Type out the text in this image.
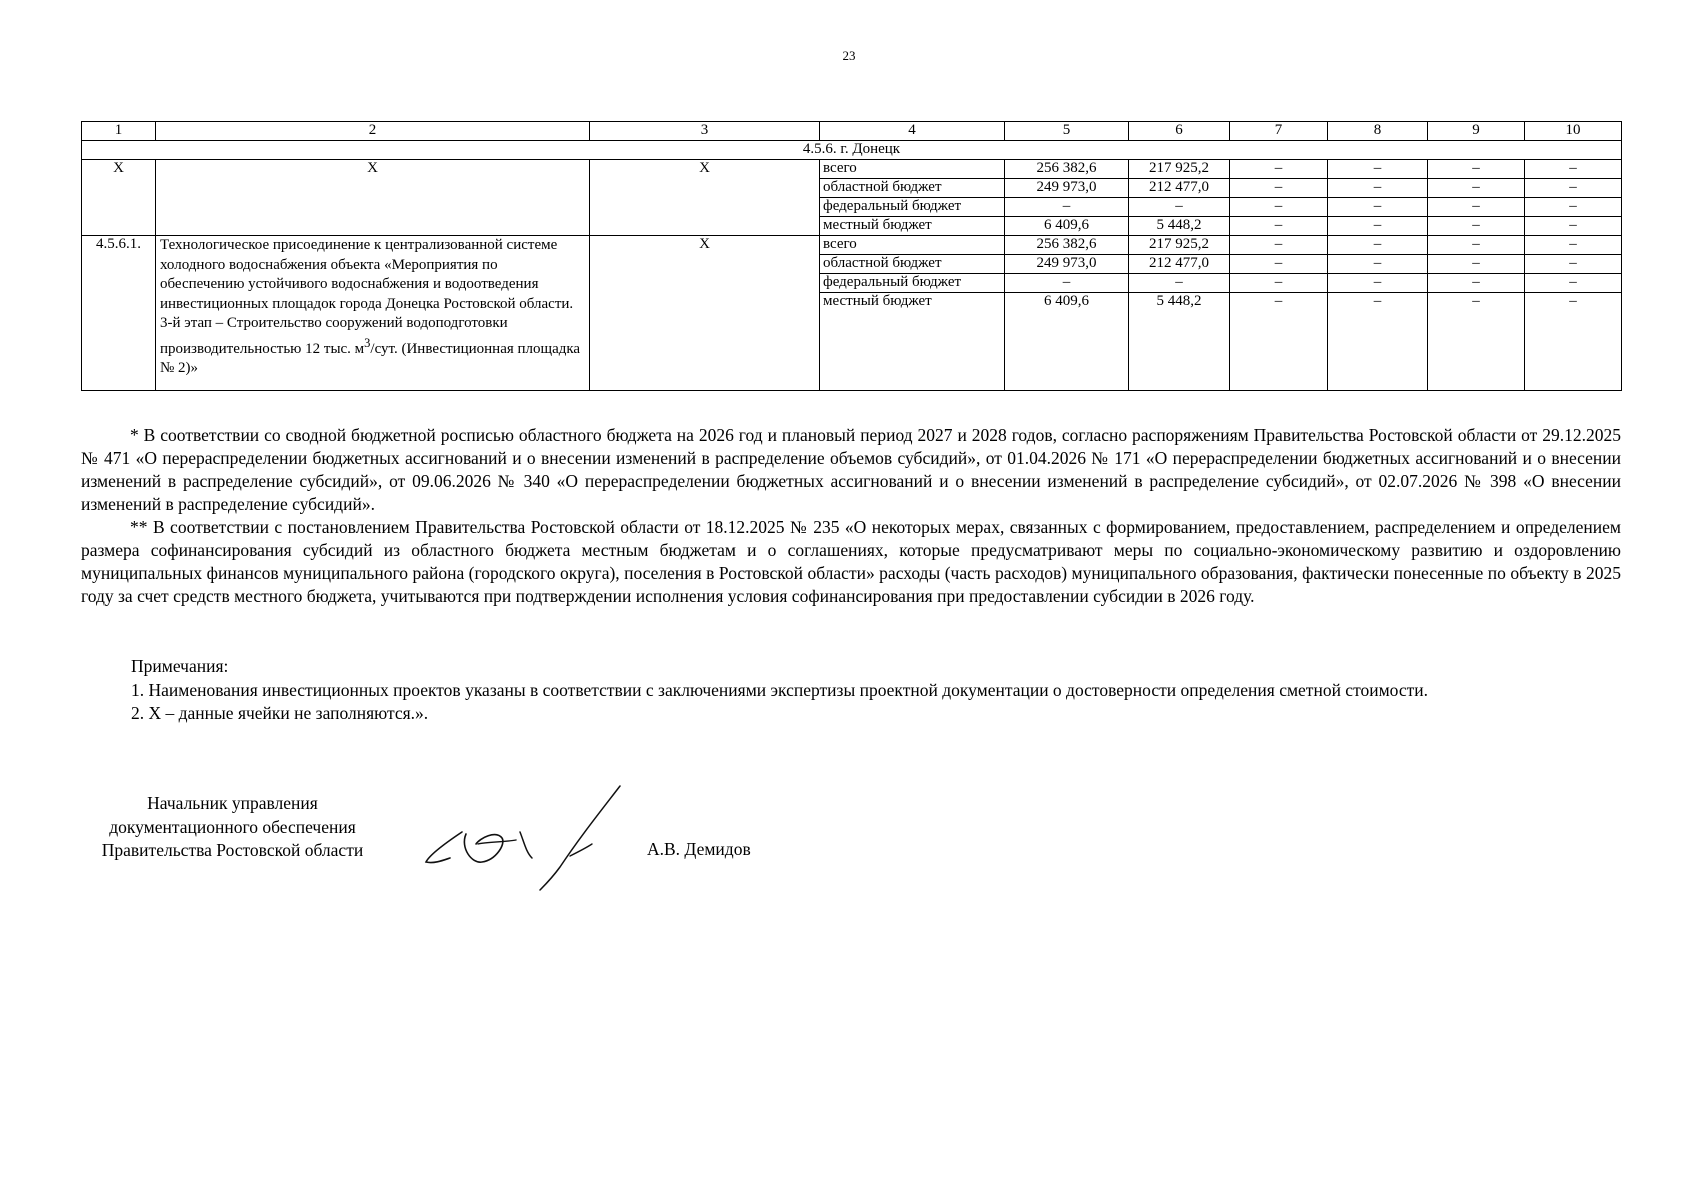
23
1	2	3	4	5	6	7	8	9	10
4.5.6. г. Донецк									
X	X	X	всего	256 382,6	217 925,2	–	–	–	–
			областной бюджет	249 973,0	212 477,0	–	–	–	–
			федеральный бюджет	–	–	–	–	–	–
			местный бюджет	6 409,6	5 448,2	–	–	–	–
4.5.6.1.	Технологическое присоединение к централизованной системе холодного водоснабжения объекта «Мероприятия по обеспечению устойчивого водоснабжения и водоотведения инвестиционных площадок города Донецка Ростовской области. 3-й этап – Строительство сооружений водоподготовки производительностью 12 тыс. $м^3$/сут. (Инвестиционная площадка № 2)»	X	всего	256 382,6	217 925,2	–	–	–	–
			областной бюджет	249 973,0	212 477,0	–	–	–	–
			федеральный бюджет	–	–	–	–	–	–
			местный бюджет	6 409,6	5 448,2	–	–	–	–

* В соответствии со сводной бюджетной росписью областного бюджета на 2026 год и плановый период 2027 и 2028 годов, согласно распоряжениям Правительства Ростовской области от 29.12.2025 № 471 «О перераспределении бюджетных ассигнований и о внесении изменений в распределение объемов субсидий», от 01.04.2026 № 171 «О перераспределении бюджетных ассигнований и о внесении изменений в распределение субсидий», от 09.06.2026 № 340 «О перераспределении бюджетных ассигнований и о внесении изменений в распределение субсидий», от 02.07.2026 № 398 «О внесении изменений в распределение субсидий».

** В соответствии с постановлением Правительства Ростовской области от 18.12.2025 № 235 «О некоторых мерах, связанных с формированием, предоставлением, распределением и определением размера софинансирования субсидий из областного бюджета местным бюджетам и о соглашениях, которые предусматривают меры по социально-экономическому развитию и оздоровлению муниципальных финансов муниципального района (городского округа), поселения в Ростовской области» расходы (часть расходов) муниципального образования, фактически понесенные по объекту в 2025 году за счет средств местного бюджета, учитываются при подтверждении исполнения условия софинансирования при предоставлении субсидии в 2026 году.

Примечания:

1. Наименования инвестиционных проектов указаны в соответствии с заключениями экспертизы проектной документации о достоверности определения сметной стоимости.

2. X – данные ячейки не заполняются.».

Начальник управления
документационного обеспечения
Правительства Ростовской области	А.В. Демидов
